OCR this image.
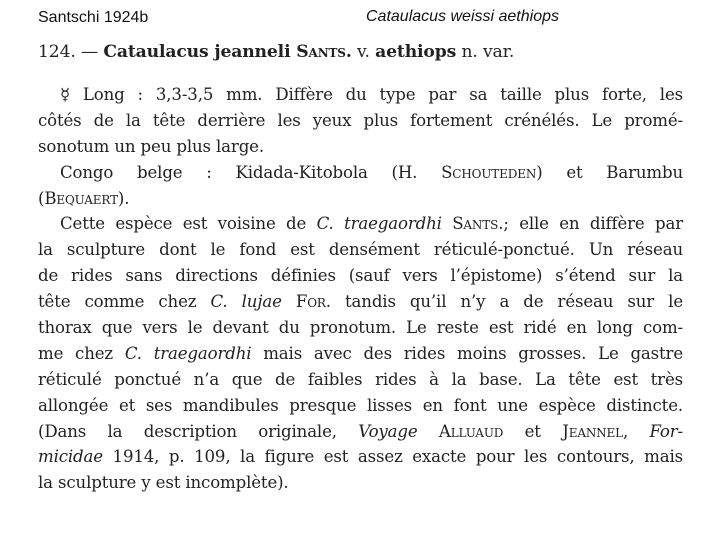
Santschi 1924b	Cataulacus weissi aethiops
124. — Cataulacus jeanneli Sants. v. aethiops n. var.
☿ Long : 3,3-3,5 mm. Diffère du type par sa taille plus forte, les
côtés de la tête derrière les yeux plus fortement crénélés. Le promé-
sonotum un peu plus large.
Congo belge : Kidada-Kitobola (H. Schouteden) et Barumbu
(Bequaert).
Cette espèce est voisine de C. traegaordhi Sants.; elle en diffère par
la sculpture dont le fond est densément réticulé-ponctué. Un réseau
de rides sans directions définies (sauf vers l’épistome) s’étend sur la
tête comme chez C. lujae For. tandis qu’il n’y a de réseau sur le
thorax que vers le devant du pronotum. Le reste est ridé en long com-
me chez C. traegaordhi mais avec des rides moins grosses. Le gastre
réticulé ponctué n’a que de faibles rides à la base. La tête est très
allongée et ses mandibules presque lisses en font une espèce distincte.
(Dans la description originale, Voyage Alluaud et Jeannel, For-
micidae 1914, p. 109, la figure est assez exacte pour les contours, mais
la sculpture y est incomplète).
